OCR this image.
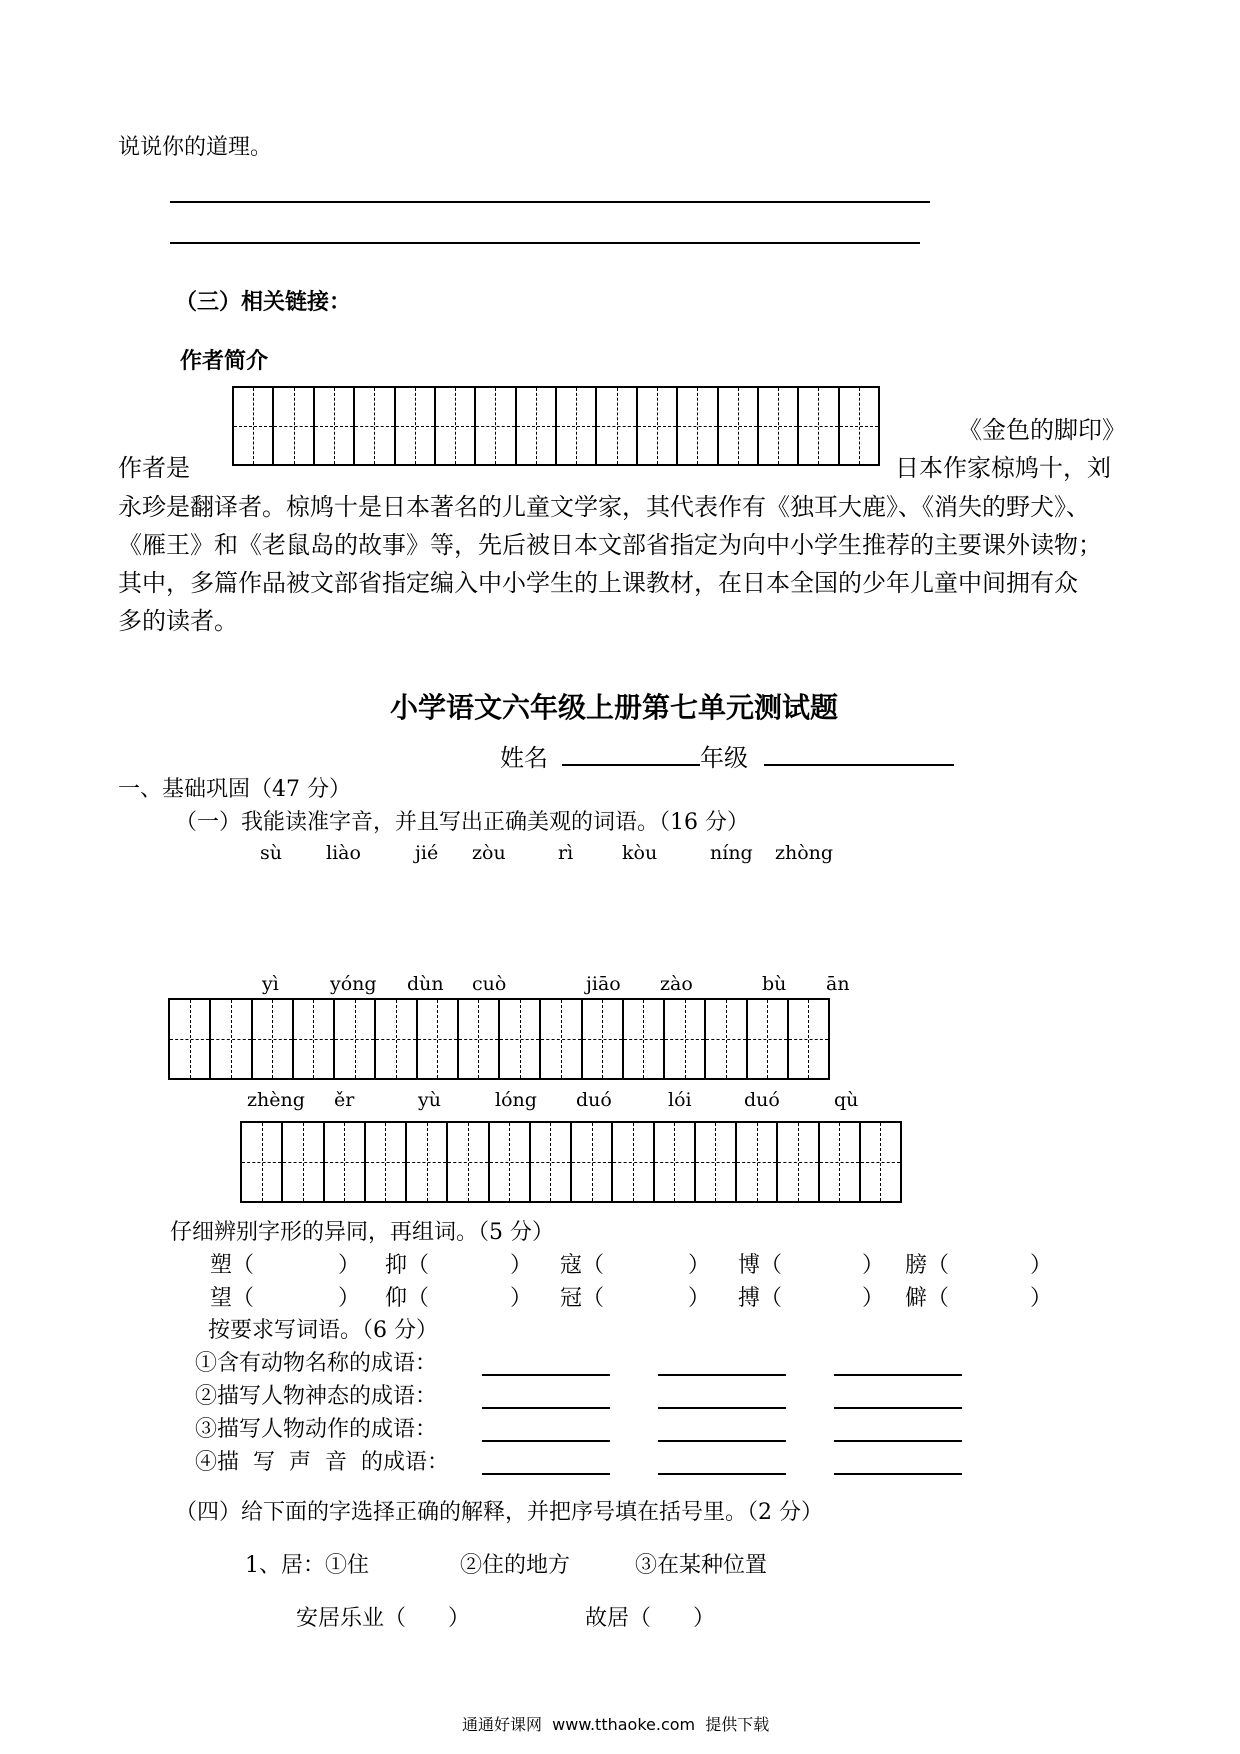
说说你的道理。
（三）相关链接：
作者简介
作者是
《金色的脚印》
日本作家椋鸠十，刘
永珍是翻译者。椋鸠十是日本著名的儿童文学家，其代表作有《独耳大鹿》、《消失的野犬》、
《雁王》和《老鼠岛的故事》等，先后被日本文部省指定为向中小学生推荐的主要课外读物；
其中，多篇作品被文部省指定编入中小学生的上课教材，在日本全国的少年儿童中间拥有众
多的读者。
小学语文六年级上册第七单元测试题
姓名	年级
一、基础巩固（47 分）
（一）我能读准字音，并且写出正确美观的词语。（16 分）
sù liào	jié zòu	rì	kòu	níng zhòng
yì	yóng dùn cuò	jiāo zào	bù ān
zhèng ěr	yù	lóng duó	lói	duó	qù
仔细辨别字形的异同，再组词。（5 分）
塑（	） 抑（	） 寇（	） 博（	） 膀（	）
望（	） 仰（	） 冠（	） 搏（	） 僻（	）
按要求写词语。（6 分）
①含有动物名称的成语：
②描写人物神态的成语：
③描写人物动作的成语：
④描  写  声  音  的成语：
（四）给下面的字选择正确的解释，并把序号填在括号里。（2 分）
1、居：①住	②住的地方	③在某种位置
安居乐业（      ）	故居（      ）
通通好课网  www.tthaoke.com  提供下载
